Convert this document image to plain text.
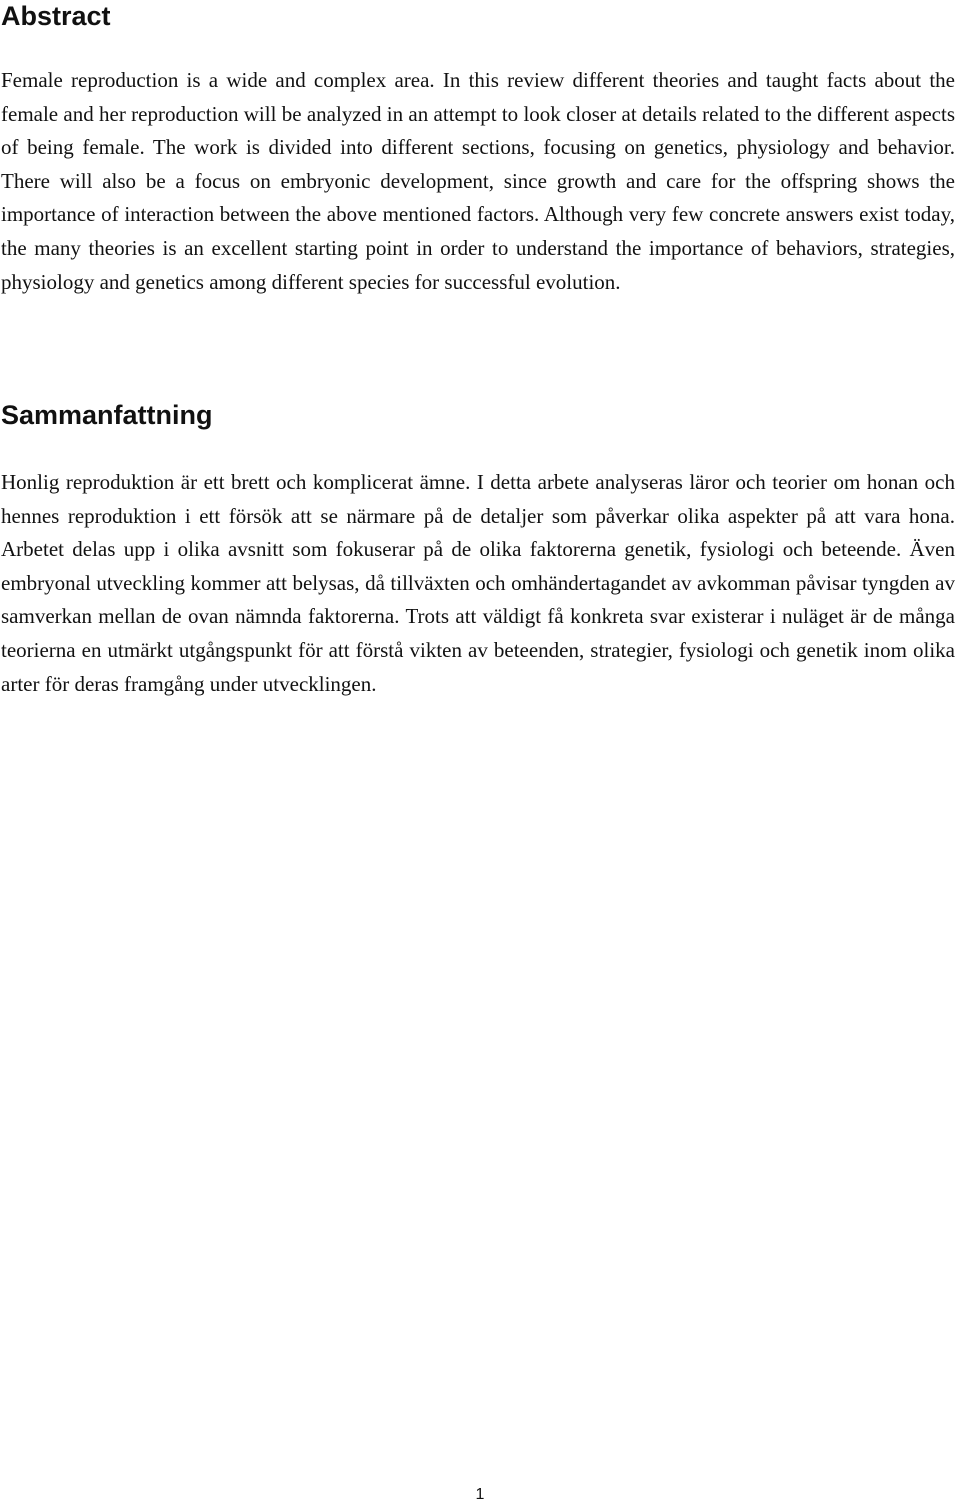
Abstract

Female reproduction is a wide and complex area. In this review different theories and taught facts about the female and her reproduction will be analyzed in an attempt to look closer at details related to the different aspects of being female. The work is divided into different sections, focusing on genetics, physiology and behavior. There will also be a focus on embryonic development, since growth and care for the offspring shows the importance of interaction between the above mentioned factors. Although very few concrete answers exist today, the many theories is an excellent starting point in order to understand the importance of behaviors, strategies, physiology and genetics among different species for successful evolution.

Sammanfattning

Honlig reproduktion är ett brett och komplicerat ämne. I detta arbete analyseras läror och teorier om honan och hennes reproduktion i ett försök att se närmare på de detaljer som påverkar olika aspekter på att vara hona. Arbetet delas upp i olika avsnitt som fokuserar på de olika faktorerna genetik, fysiologi och beteende. Även embryonal utveckling kommer att belysas, då tillväxten och omhändertagandet av avkomman påvisar tyngden av samverkan mellan de ovan nämnda faktorerna. Trots att väldigt få konkreta svar existerar i nuläget är de många teorierna en utmärkt utgångspunkt för att förstå vikten av beteenden, strategier, fysiologi och genetik inom olika arter för deras framgång under utvecklingen.

1
